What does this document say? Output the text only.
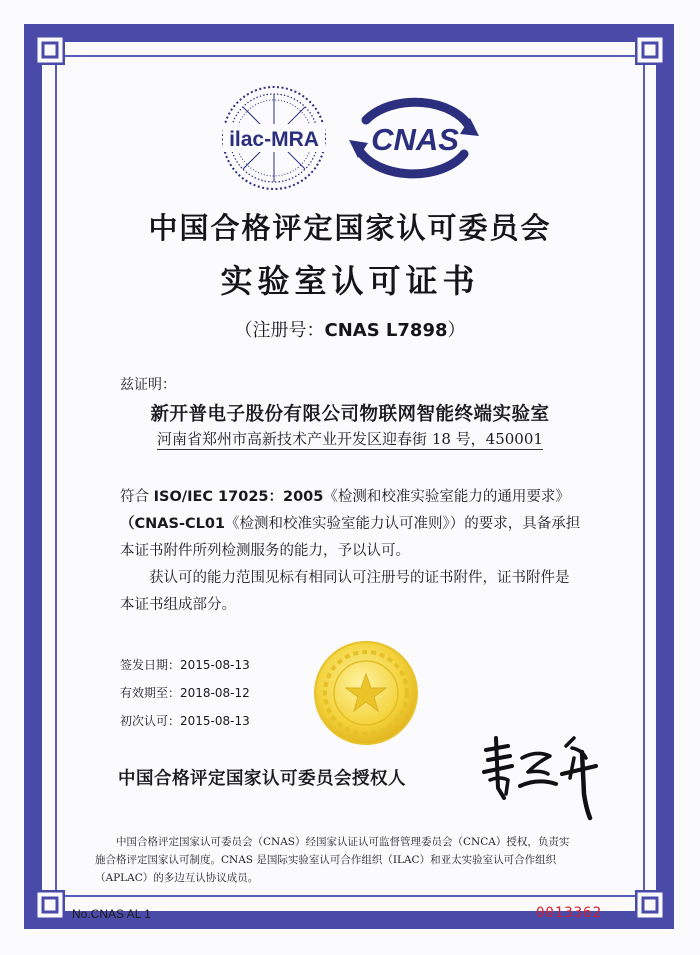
ilac-MRA CNAS
中国合格评定国家认可委员会
实验室认可证书
（注册号：CNAS L7898）
兹证明：
新开普电子股份有限公司物联网智能终端实验室
河南省郑州市高新技术产业开发区迎春街 18 号，450001

符合 ISO/IEC 17025：2005《检测和校准实验室能力的通用要求》

（CNAS-CL01《检测和校准实验室能力认可准则》）的要求，具备承担

本证书附件所列检测服务的能力，予以认可。

获认可的能力范围见标有相同认可注册号的证书附件，证书附件是

本证书组成部分。

签发日期：2015-08-13
有效期至：2018-08-12
初次认可：2015-08-13
中国合格评定国家认可委员会授权人

中国合格评定国家认可委员会（CNAS）经国家认证认可监督管理委员会（CNCA）授权，负责实

施合格评定国家认可制度。CNAS 是国际实验室认可合作组织（ILAC）和亚太实验室认可合作组织
（APLAC）的多边互认协议成员。
No.CNAS AL 1	0013362
